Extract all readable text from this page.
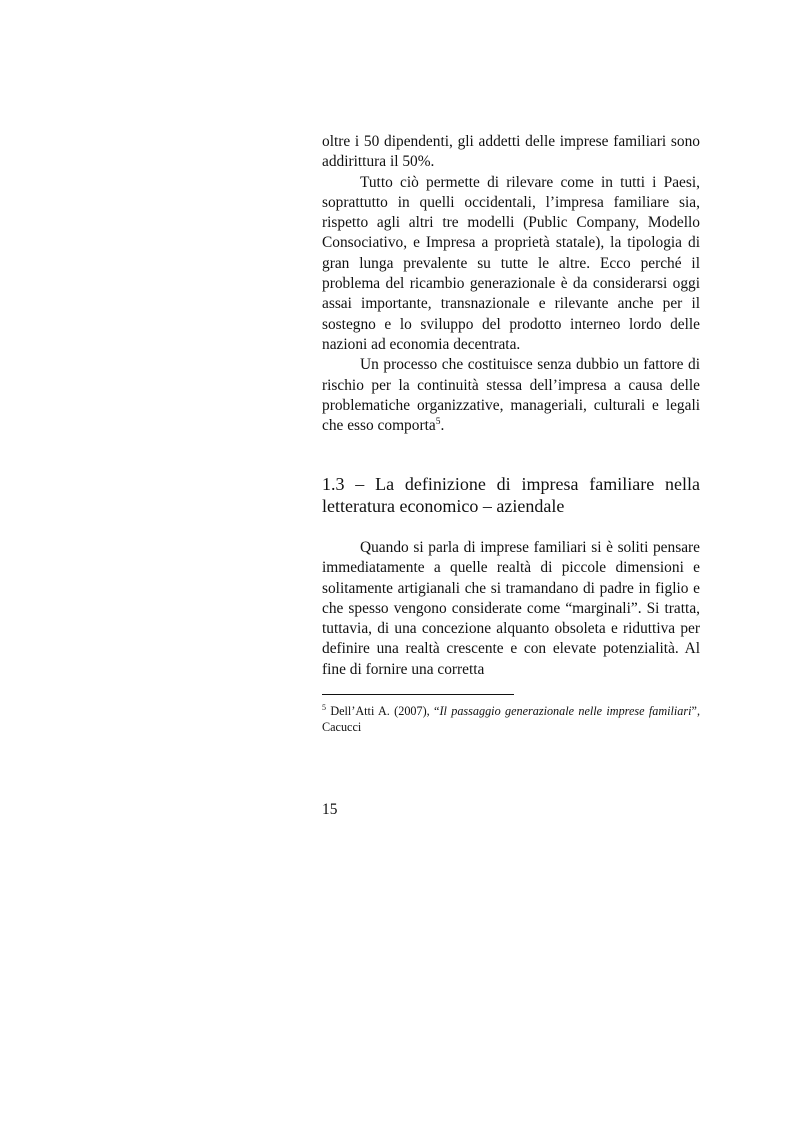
oltre i 50 dipendenti, gli addetti delle imprese familiari sono addirittura il 50%.

Tutto ciò permette di rilevare come in tutti i Paesi, soprattutto in quelli occidentali, l’impresa familiare sia, rispetto agli altri tre modelli (Public Company, Modello Consociativo, e Impresa a proprietà statale), la tipologia di gran lunga prevalente su tutte le altre. Ecco perché il problema del ricambio generazionale è da considerarsi oggi assai importante, transnazionale e rilevante anche per il sostegno e lo sviluppo del prodotto interneo lordo delle nazioni ad economia decentrata.

Un processo che costituisce senza dubbio un fattore di rischio per la continuità stessa dell’impresa a causa delle problematiche organizzative, manageriali, culturali e legali che esso comporta$^5$.

1.3 – La definizione di impresa familiare nella letteratura economico – aziendale

Quando si parla di imprese familiari si è soliti pensare immediatamente a quelle realtà di piccole dimensioni e solitamente artigianali che si tramandano di padre in figlio e che spesso vengono considerate come “marginali”. Si tratta, tuttavia, di una concezione alquanto obsoleta e riduttiva per definire una realtà crescente e con elevate potenzialità. Al fine di fornire una corretta

$^5$ Dell’Atti A. (2007), “Il passaggio generazionale nelle imprese familiari”, Cacucci
15
